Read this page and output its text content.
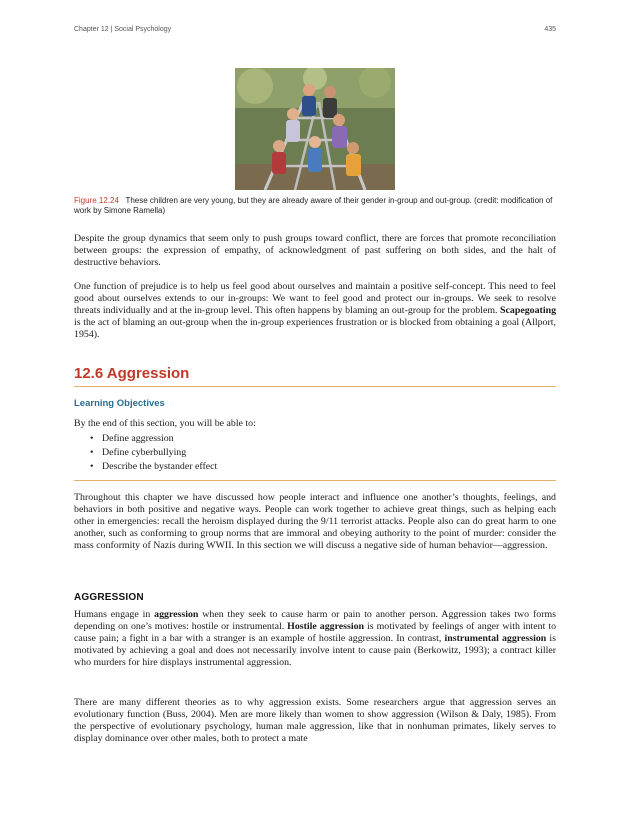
Chapter 12 | Social Psychology	435
Figure 12.24 These children are very young, but they are already aware of their gender in-group and out-group. (credit: modification of work by Simone Ramella)

Despite the group dynamics that seem only to push groups toward conflict, there are forces that promote reconciliation between groups: the expression of empathy, of acknowledgment of past suffering on both sides, and the halt of destructive behaviors.

One function of prejudice is to help us feel good about ourselves and maintain a positive self-concept. This need to feel good about ourselves extends to our in-groups: We want to feel good and protect our in-groups. We seek to resolve threats individually and at the in-group level. This often happens by blaming an out-group for the problem. Scapegoating is the act of blaming an out-group when the in-group experiences frustration or is blocked from obtaining a goal (Allport, 1954).

12.6 Aggression
Learning Objectives

By the end of this section, you will be able to:

• Define aggression
• Define cyberbullying
• Describe the bystander effect

Throughout this chapter we have discussed how people interact and influence one another’s thoughts, feelings, and behaviors in both positive and negative ways. People can work together to achieve great things, such as helping each other in emergencies: recall the heroism displayed during the 9/11 terrorist attacks. People also can do great harm to one another, such as conforming to group norms that are immoral and obeying authority to the point of murder: consider the mass conformity of Nazis during WWII. In this section we will discuss a negative side of human behavior—aggression.

AGGRESSION

Humans engage in aggression when they seek to cause harm or pain to another person. Aggression takes two forms depending on one’s motives: hostile or instrumental. Hostile aggression is motivated by feelings of anger with intent to cause pain; a fight in a bar with a stranger is an example of hostile aggression. In contrast, instrumental aggression is motivated by achieving a goal and does not necessarily involve intent to cause pain (Berkowitz, 1993); a contract killer who murders for hire displays instrumental aggression.

There are many different theories as to why aggression exists. Some researchers argue that aggression serves an evolutionary function (Buss, 2004). Men are more likely than women to show aggression (Wilson & Daly, 1985). From the perspective of evolutionary psychology, human male aggression, like that in nonhuman primates, likely serves to display dominance over other males, both to protect a mate
